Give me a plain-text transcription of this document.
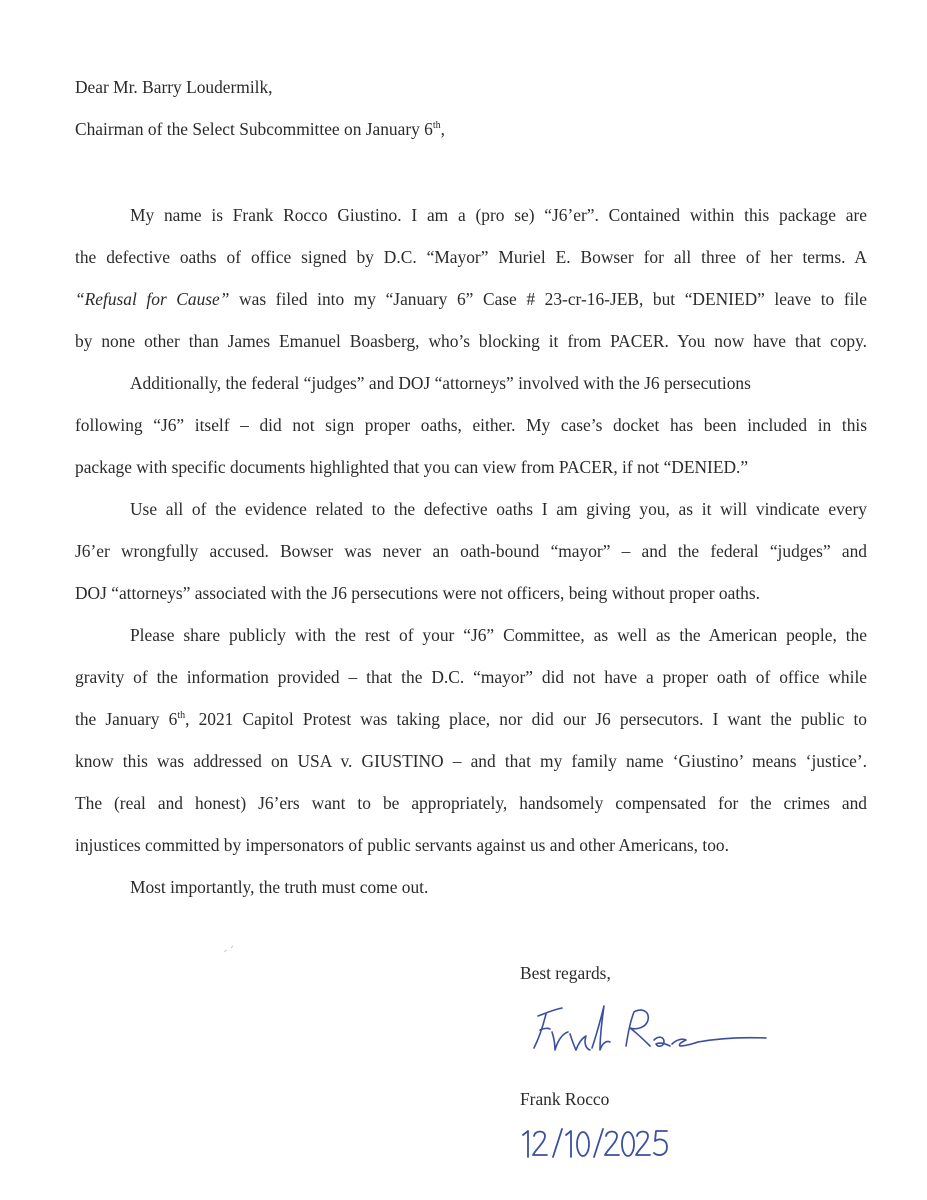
Dear Mr. Barry Loudermilk,
Chairman of the Select Subcommittee on January 6th,
My name is Frank Rocco Giustino. I am a (pro se) “J6’er”. Contained within this package are
the defective oaths of office signed by D.C. “Mayor” Muriel E. Bowser for all three of her terms. A
“Refusal for Cause” was filed into my “January 6” Case # 23-cr-16-JEB, but “DENIED” leave to file
by none other than James Emanuel Boasberg, who’s blocking it from PACER. You now have that copy.
Additionally, the federal “judges” and DOJ “attorneys” involved with the J6 persecutions
following “J6” itself – did not sign proper oaths, either. My case’s docket has been included in this
package with specific documents highlighted that you can view from PACER, if not “DENIED.”
Use all of the evidence related to the defective oaths I am giving you, as it will vindicate every
J6’er wrongfully accused. Bowser was never an oath-bound “mayor” – and the federal “judges” and
DOJ “attorneys” associated with the J6 persecutions were not officers, being without proper oaths.
Please share publicly with the rest of your “J6” Committee, as well as the American people, the
gravity of the information provided – that the D.C. “mayor” did not have a proper oath of office while
the January 6th, 2021 Capitol Protest was taking place, nor did our J6 persecutors. I want the public to
know this was addressed on USA v. GIUSTINO – and that my family name ‘Giustino’ means ‘justice’.
The (real and honest) J6’ers want to be appropriately, handsomely compensated for the crimes and
injustices committed by impersonators of public servants against us and other Americans, too.
Most importantly, the truth must come out.
Best regards,
Frank Rocco
